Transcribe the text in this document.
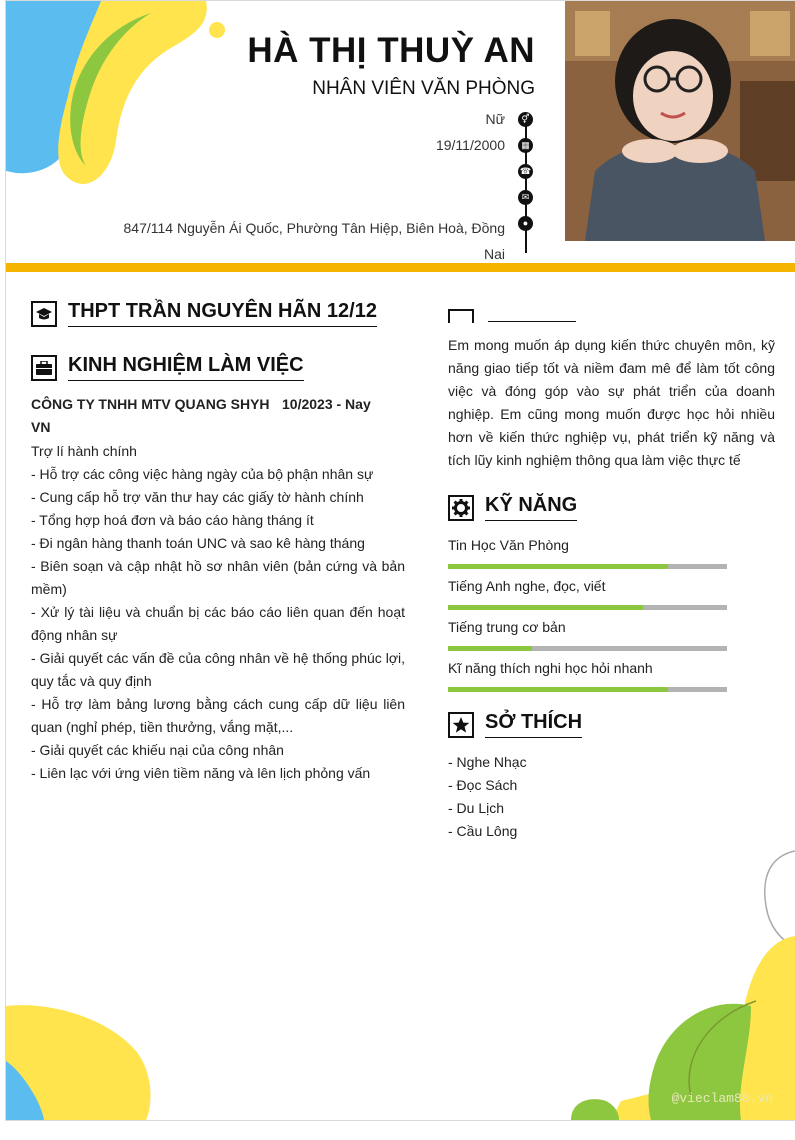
HÀ THỊ THUỲ AN
NHÂN VIÊN VĂN PHÒNG
Nữ
19/11/2000
847/114 Nguyễn Ái Quốc, Phường Tân Hiệp, Biên Hoà, Đồng
Nai
⚥
▦
☎
✉
●
THPT TRẦN NGUYÊN HÃN 12/12
KINH NGHIỆM LÀM VIỆC
CÔNG TY TNHH MTV QUANG SHYH
VN
10/2023 - Nay
Trợ lí hành chính
- Hỗ trợ các công việc hàng ngày của bộ phận nhân sự
- Cung cấp hỗ trợ văn thư hay các giấy tờ hành chính
- Tổng hợp hoá đơn và báo cáo hàng tháng ít
- Đi ngân hàng thanh toán UNC và sao kê hàng tháng
- Biên soạn và cập nhật hồ sơ nhân viên (bản cứng và bản mềm)
- Xử lý tài liệu và chuẩn bị các báo cáo liên quan đến hoạt động nhân sự
- Giải quyết các vấn đề của công nhân về hệ thống phúc lợi, quy tắc và quy định
- Hỗ trợ làm bảng lương bằng cách cung cấp dữ liệu liên quan (nghỉ phép, tiền thưởng, vắng mặt,...
- Giải quyết các khiếu nại của công nhân
- Liên lạc với ứng viên tiềm năng và lên lịch phỏng vấn
Em mong muốn áp dụng kiến thức chuyên môn, kỹ năng giao tiếp tốt và niềm đam mê để làm tốt công việc và đóng góp vào sự phát triển của doanh nghiệp. Em cũng mong muốn được học hỏi nhiều hơn về kiến thức nghiệp vụ, phát triển kỹ năng và tích lũy kinh nghiệm thông qua làm việc thực tế
KỸ NĂNG
Tin Học Văn Phòng
Tiếng Anh nghe, đọc, viết
Tiếng trung cơ bản
Kĩ năng thích nghi học hỏi nhanh
SỞ THÍCH
- Nghe Nhạc
- Đọc Sách
- Du Lịch
- Cầu Lông
@vieclam88.vn
